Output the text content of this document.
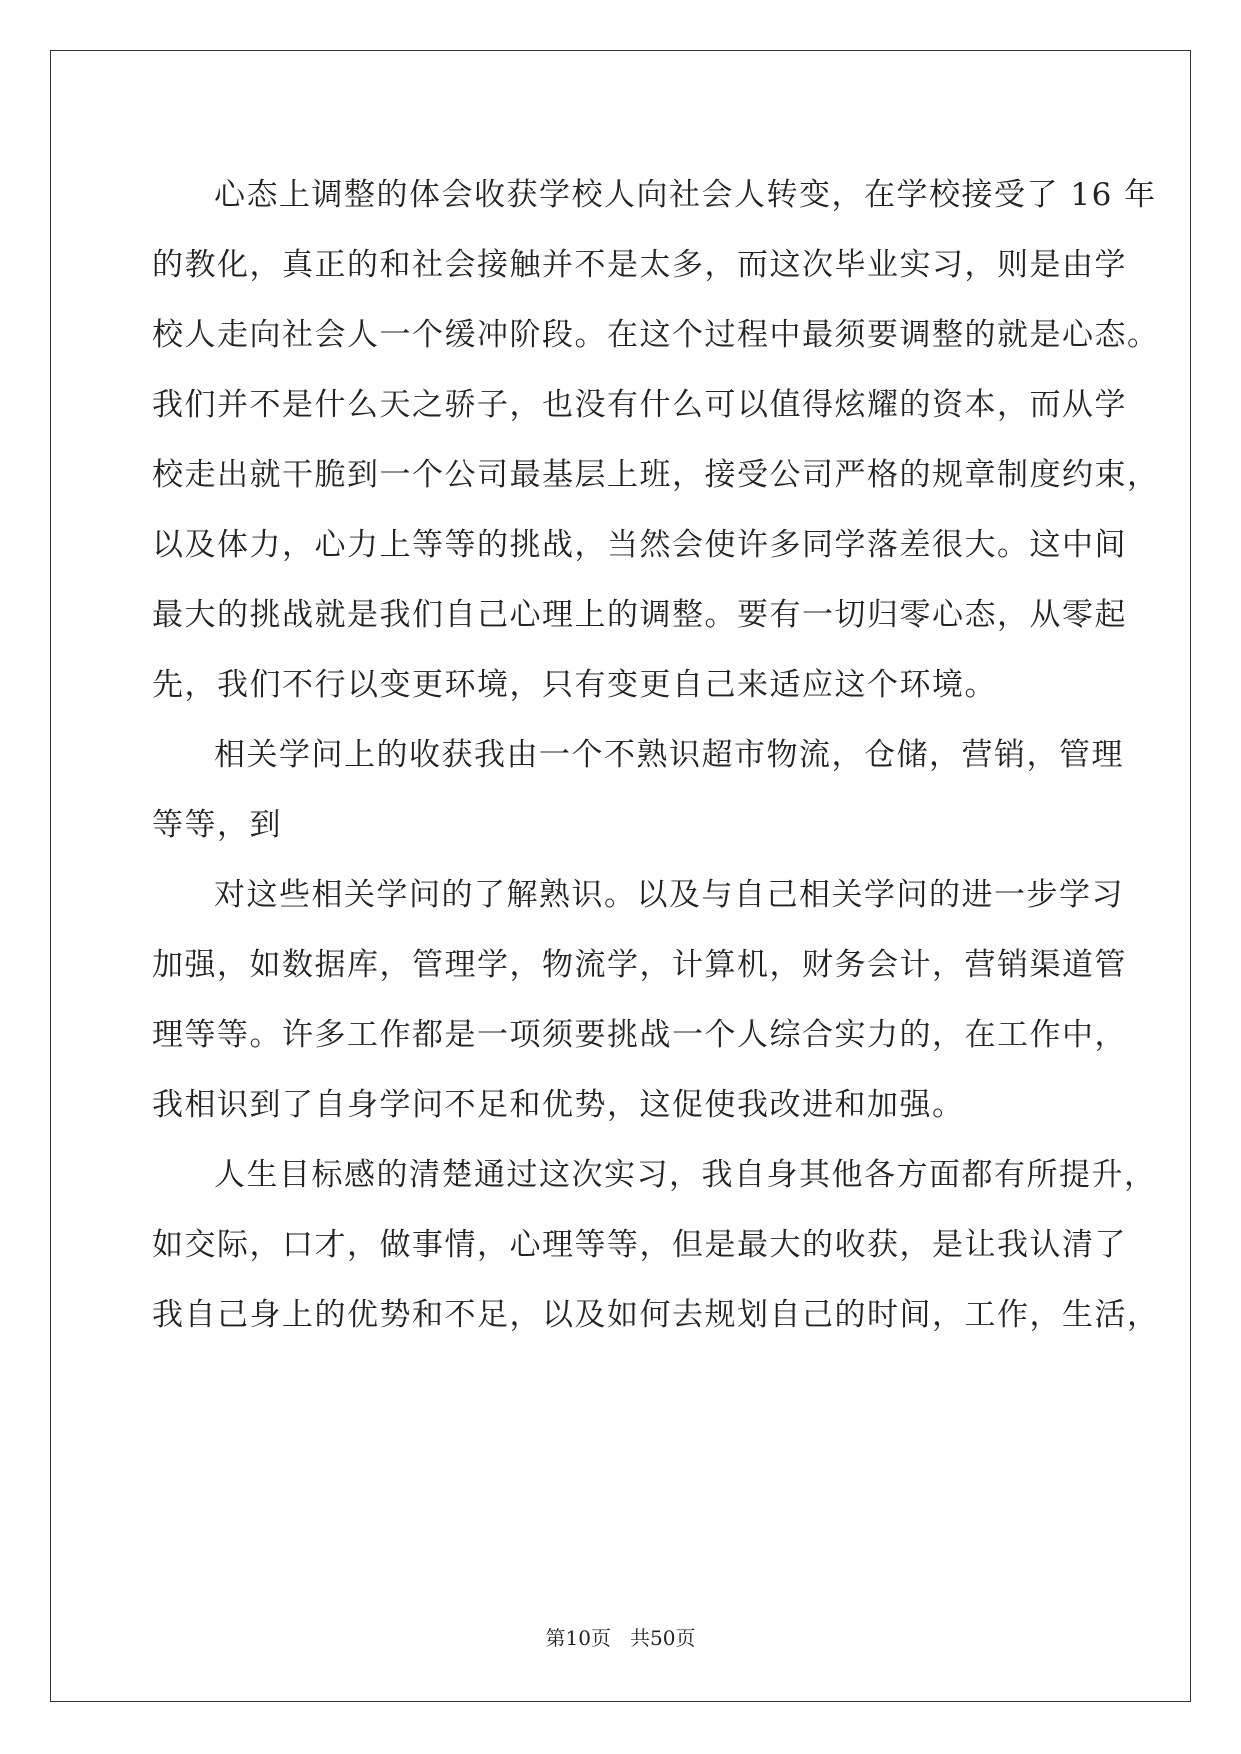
心态上调整的体会收获学校人向社会人转变，在学校接受了 16 年
的教化，真正的和社会接触并不是太多，而这次毕业实习，则是由学
校人走向社会人一个缓冲阶段。在这个过程中最须要调整的就是心态。
我们并不是什么天之骄子，也没有什么可以值得炫耀的资本，而从学
校走出就干脆到一个公司最基层上班，接受公司严格的规章制度约束，
以及体力，心力上等等的挑战，当然会使许多同学落差很大。这中间
最大的挑战就是我们自己心理上的调整。要有一切归零心态，从零起
先，我们不行以变更环境，只有变更自己来适应这个环境。
相关学问上的收获我由一个不熟识超市物流，仓储，营销，管理
等等，到
对这些相关学问的了解熟识。以及与自己相关学问的进一步学习
加强，如数据库，管理学，物流学，计算机，财务会计，营销渠道管
理等等。许多工作都是一项须要挑战一个人综合实力的，在工作中，
我相识到了自身学问不足和优势，这促使我改进和加强。
人生目标感的清楚通过这次实习，我自身其他各方面都有所提升，
如交际，口才，做事情，心理等等，但是最大的收获，是让我认清了
我自己身上的优势和不足，以及如何去规划自己的时间，工作，生活，
第10页 共50页
